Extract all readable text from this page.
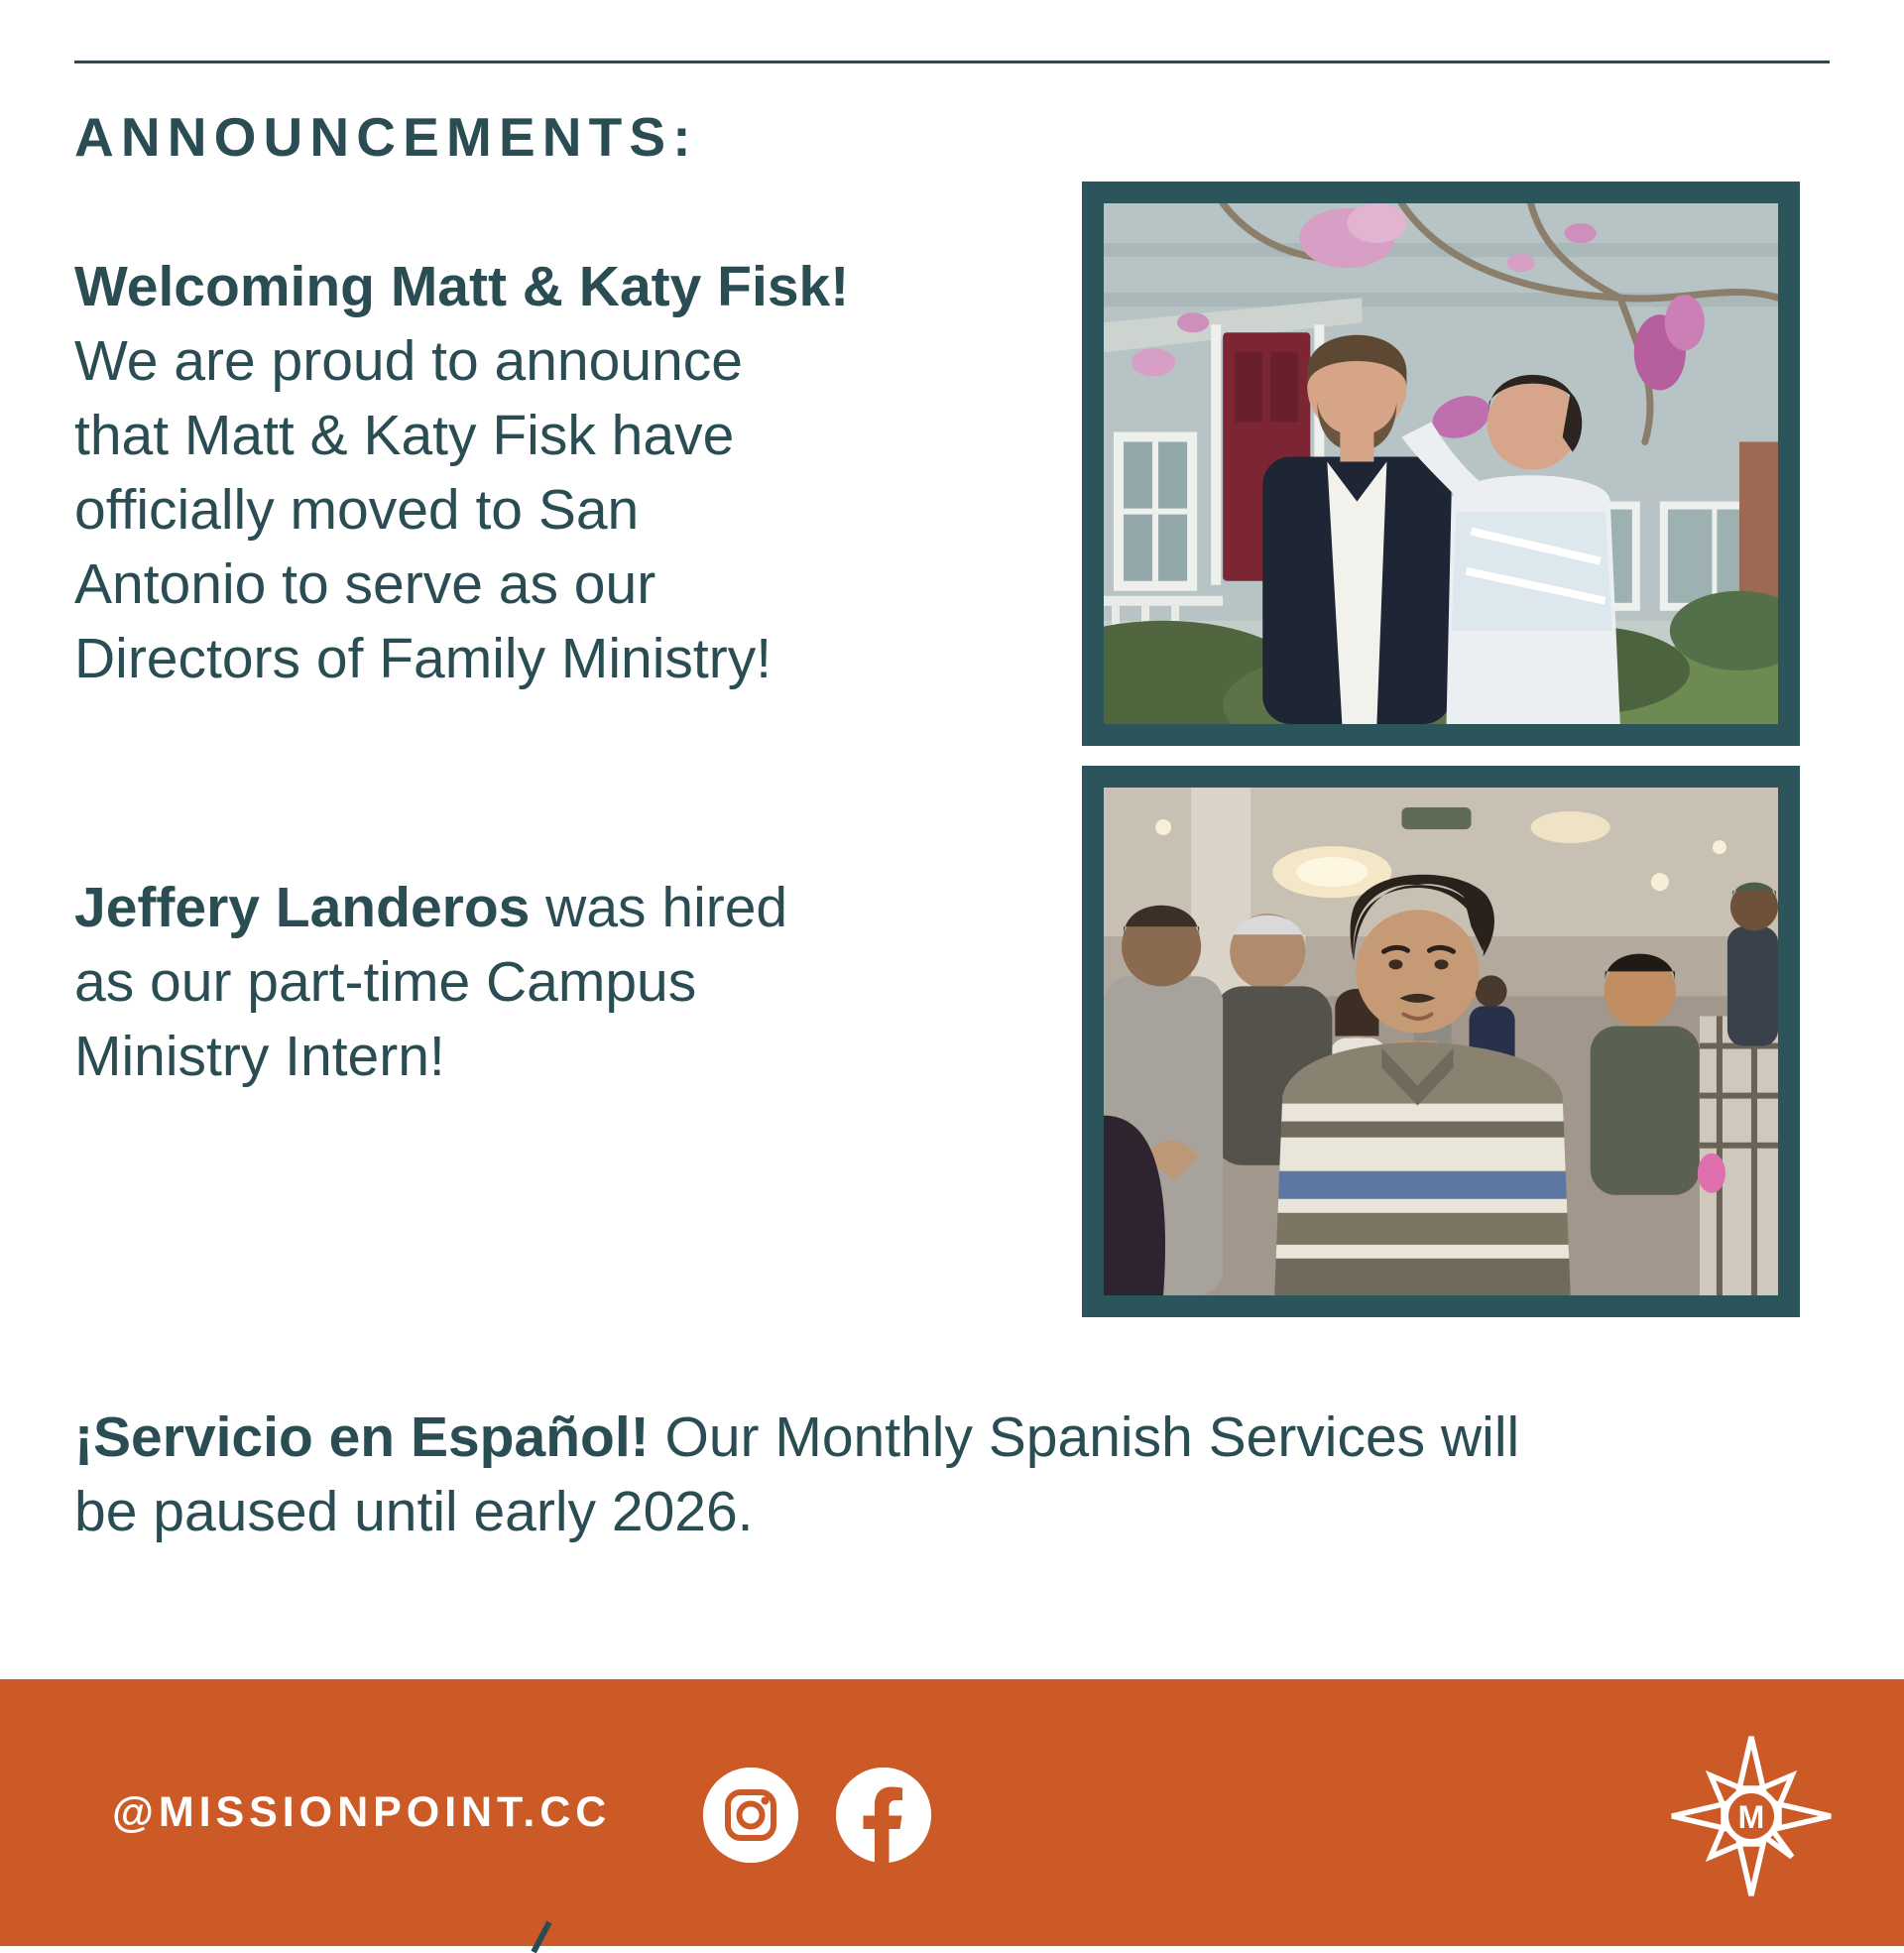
ANNOUNCEMENTS:
Welcoming Matt & Katy Fisk!
We are proud to announce
that Matt & Katy Fisk have
officially moved to San
Antonio to serve as our
Directors of Family Ministry!
Jeffery Landeros was hired
as our part-time Campus
Ministry Intern!
¡Servicio en Español! Our Monthly Spanish Services will
be paused until early 2026.
@MISSIONPOINT.CC	M
